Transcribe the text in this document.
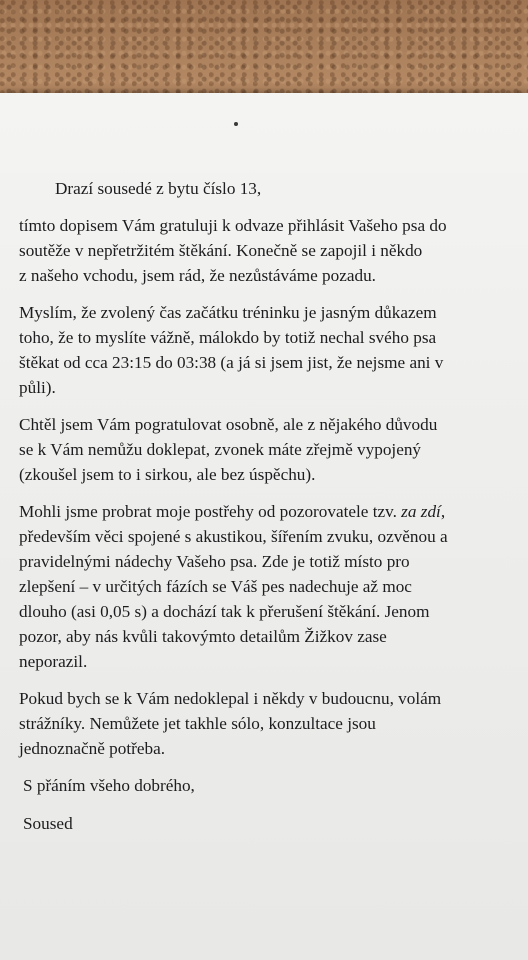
Drazí sousedé z bytu číslo 13,
tímto dopisem Vám gratuluji k odvaze přihlásit Vašeho psa do
soutěže v nepřetržitém štěkání. Konečně se zapojil i někdo
z našeho vchodu, jsem rád, že nezůstáváme pozadu.
Myslím, že zvolený čas začátku tréninku je jasným důkazem
toho, že to myslíte vážně, málokdo by totiž nechal svého psa
štěkat od cca 23:15 do 03:38 (a já si jsem jist, že nejsme ani v
půli).
Chtěl jsem Vám pogratulovat osobně, ale z nějakého důvodu
se k Vám nemůžu doklepat, zvonek máte zřejmě vypojený
(zkoušel jsem to i sirkou, ale bez úspěchu).
Mohli jsme probrat moje postřehy od pozorovatele tzv. za zdí,
především věci spojené s akustikou, šířením zvuku, ozvěnou a
pravidelnými nádechy Vašeho psa. Zde je totiž místo pro
zlepšení – v určitých fázích se Váš pes nadechuje až moc
dlouho (asi 0,05 s) a dochází tak k přerušení štěkání. Jenom
pozor, aby nás kvůli takovýmto detailům Žižkov zase
neporazil.
Pokud bych se k Vám nedoklepal i někdy v budoucnu, volám
strážníky. Nemůžete jet takhle sólo, konzultace jsou
jednoznačně potřeba.
S přáním všeho dobrého,
Soused
